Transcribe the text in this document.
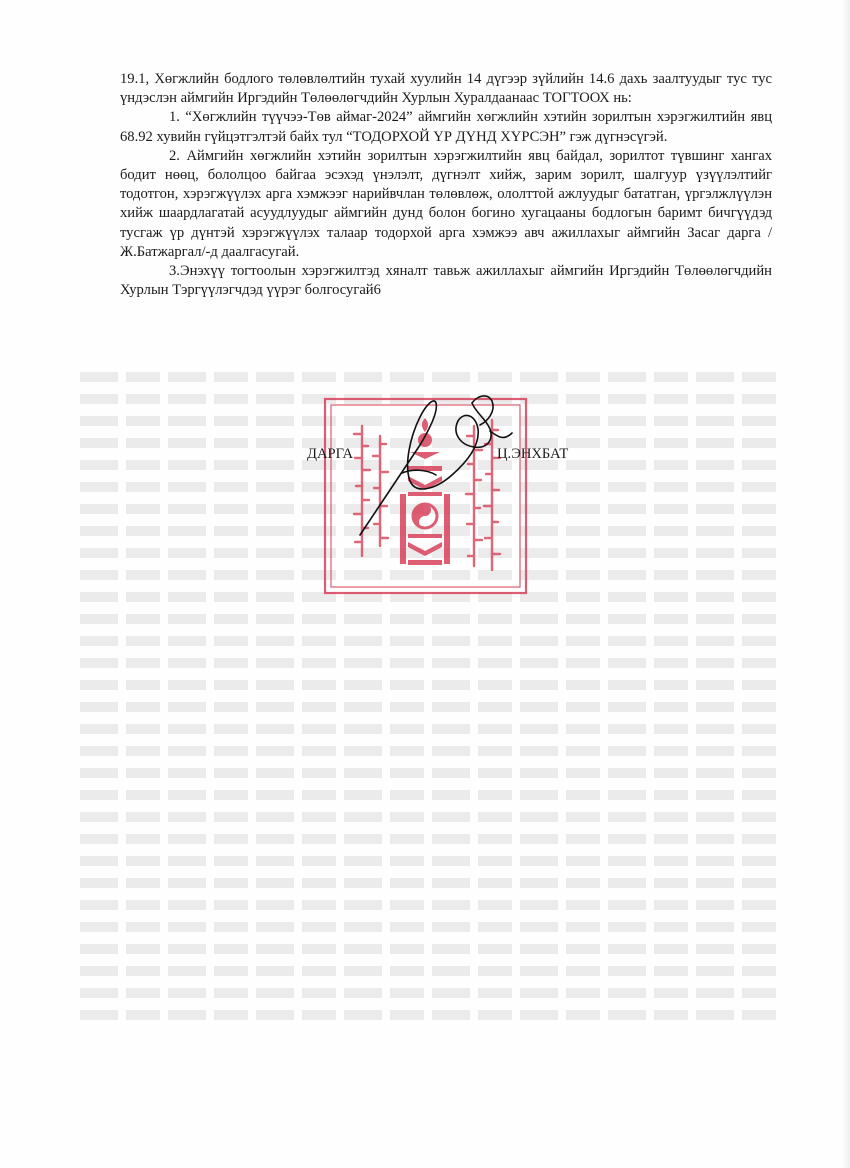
19.1, Хөгжлийн бодлого төлөвлөлтийн тухай хуулийн 14 дүгээр зүйлийн 14.6 дахь заалтуудыг тус тус үндэслэн аймгийн Иргэдийн Төлөөлөгчдийн Хурлын Хуралдаанаас ТОГТООХ нь:

1. “Хөгжлийн түүчээ-Төв аймаг-2024” аймгийн хөгжлийн хэтийн зорилтын хэрэгжилтийн явц 68.92 хувийн гүйцэтгэлтэй байх тул “ТОДОРХОЙ ҮР ДҮНД ХҮРСЭН” гэж дүгнэсүгэй.

2. Аймгийн хөгжлийн хэтийн зорилтын хэрэгжилтийн явц байдал, зорилтот түвшинг хангах бодит нөөц, бололцоо байгаа эсэхэд үнэлэлт, дүгнэлт хийж, зарим зорилт, шалгуур үзүүлэлтийг тодотгон, хэрэгжүүлэх арга хэмжээг нарийвчлан төлөвлөж, ололттой ажлуудыг бататган, үргэлжлүүлэн хийж шаардлагатай асуудлуудыг аймгийн дунд болон богино хугацааны бодлогын баримт бичгүүдэд тусгаж үр дүнтэй хэрэгжүүлэх талаар тодорхой арга хэмжээ авч ажиллахыг аймгийн Засаг дарга /Ж.Батжаргал/-д даалгасугай.

3.Энэхүү тогтоолын хэрэгжилтэд хяналт тавьж ажиллахыг аймгийн Иргэдийн Төлөөлөгчдийн Хурлын Тэргүүлэгчдэд үүрэг болгосугай6

ДАРГА	Ц.ЭНХБАТ
